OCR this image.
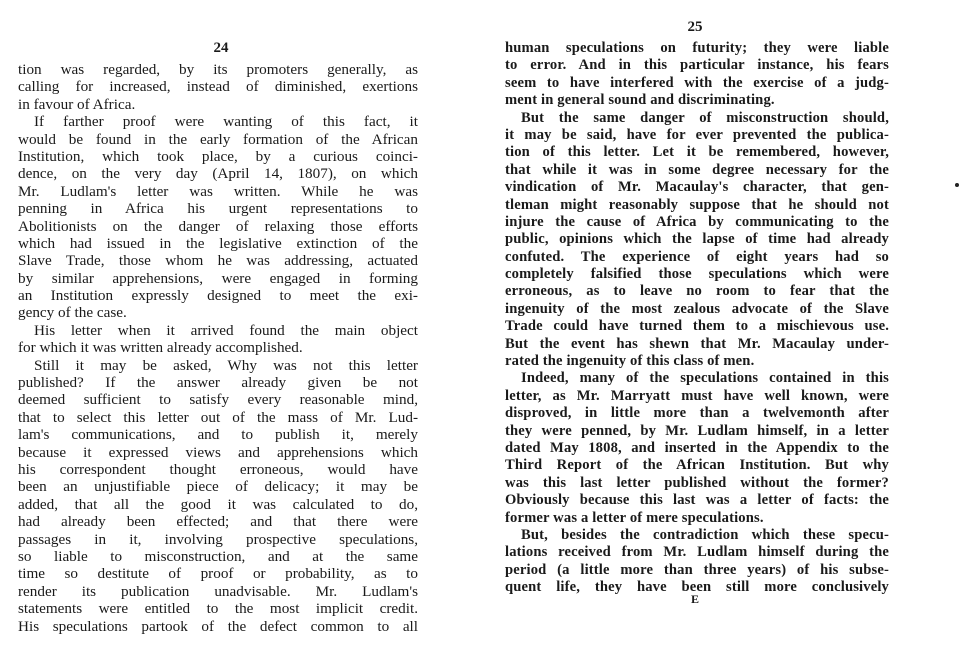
24
tion was regarded, by its promoters generally, as
calling for increased, instead of diminished, exertions
in favour of Africa.
If farther proof were wanting of this fact, it
would be found in the early formation of the African
Institution, which took place, by a curious coinci-
dence, on the very day (April 14, 1807), on which
Mr. Ludlam's letter was written. While he was
penning in Africa his urgent representations to
Abolitionists on the danger of relaxing those efforts
which had issued in the legislative extinction of the
Slave Trade, those whom he was addressing, actuated
by similar apprehensions, were engaged in forming
an Institution expressly designed to meet the exi-
gency of the case.
His letter when it arrived found the main object
for which it was written already accomplished.
Still it may be asked, Why was not this letter
published? If the answer already given be not
deemed sufficient to satisfy every reasonable mind,
that to select this letter out of the mass of Mr. Lud-
lam's communications, and to publish it, merely
because it expressed views and apprehensions which
his correspondent thought erroneous, would have
been an unjustifiable piece of delicacy; it may be
added, that all the good it was calculated to do,
had already been effected; and that there were
passages in it, involving prospective speculations,
so liable to misconstruction, and at the same
time so destitute of proof or probability, as to
render its publication unadvisable. Mr. Ludlam's
statements were entitled to the most implicit credit.
His speculations partook of the defect common to all
25
human speculations on futurity; they were liable
to error. And in this particular instance, his fears
seem to have interfered with the exercise of a judg-
ment in general sound and discriminating.
But the same danger of misconstruction should,
it may be said, have for ever prevented the publica-
tion of this letter. Let it be remembered, however,
that while it was in some degree necessary for the
vindication of Mr. Macaulay's character, that gen-
tleman might reasonably suppose that he should not
injure the cause of Africa by communicating to the
public, opinions which the lapse of time had already
confuted. The experience of eight years had so
completely falsified those speculations which were
erroneous, as to leave no room to fear that the
ingenuity of the most zealous advocate of the Slave
Trade could have turned them to a mischievous use.
But the event has shewn that Mr. Macaulay under-
rated the ingenuity of this class of men.
Indeed, many of the speculations contained in this
letter, as Mr. Marryatt must have well known, were
disproved, in little more than a twelvemonth after
they were penned, by Mr. Ludlam himself, in a letter
dated May 1808, and inserted in the Appendix to the
Third Report of the African Institution. But why
was this last letter published without the former?
Obviously because this last was a letter of facts: the
former was a letter of mere speculations.
But, besides the contradiction which these specu-
lations received from Mr. Ludlam himself during the
period (a little more than three years) of his subse-
quent life, they have been still more conclusively
E
